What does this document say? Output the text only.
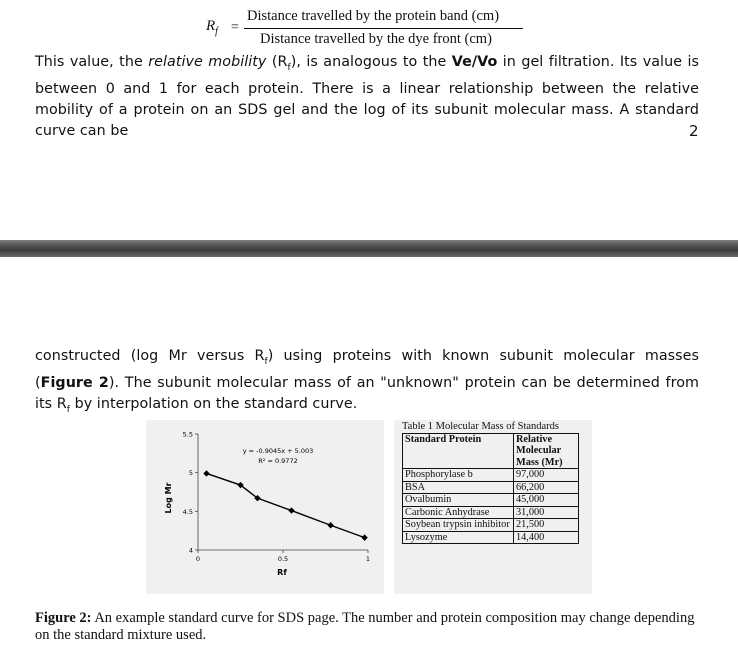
$R_f$ =
Distance travelled by the protein band (cm)
Distance travelled by the dye front (cm)
This value, the relative mobility $(R_f)$, is analogous to the Ve/Vo in gel filtration. Its value is between 0 and 1 for each protein. There is a linear relationship between the relative mobility of a protein on an SDS gel and the log of its subunit molecular mass. A standard curve can be	2
constructed (log Mr versus $R_f$) using proteins with known subunit molecular masses (Figure 2). The subunit molecular mass of an "unknown" protein can be determined from its $R_f$ by interpolation on the standard curve.
4
4.5
5
5.5
0	0.5	1
y = -0.9045x + 5.003
R² = 0.9772
Rf
Log Mr
Table 1 Molecular Mass of Standards
Standard Protein	Relative Molecular Mass (Mr)
Phosphorylase b	97,000
BSA	66,200
Ovalbumin	45,000
Carbonic Anhydrase	31,000
Soybean trypsin inhibitor	21,500
Lysozyme	14,400
Figure 2: An example standard curve for SDS page. The number and protein composition may change depending on the standard mixture used.
